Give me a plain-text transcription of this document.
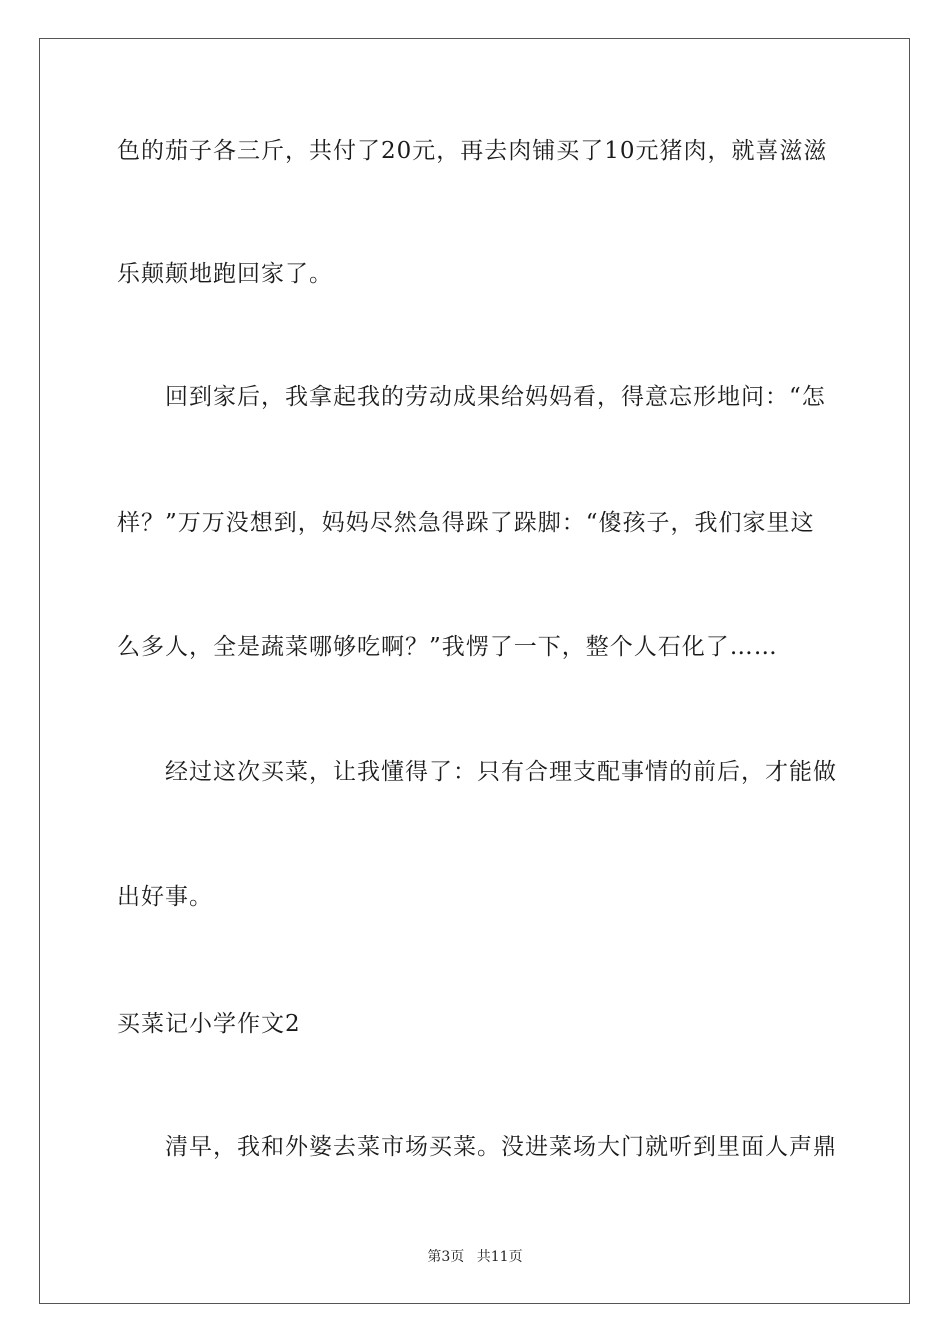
色的茄子各三斤，共付了20元，再去肉铺买了10元猪肉，就喜滋滋
乐颠颠地跑回家了。
回到家后，我拿起我的劳动成果给妈妈看，得意忘形地问：“怎
样？”万万没想到，妈妈尽然急得跺了跺脚：“傻孩子，我们家里这
么多人，全是蔬菜哪够吃啊？”我愣了一下，整个人石化了……
经过这次买菜，让我懂得了：只有合理支配事情的前后，才能做
出好事。
买菜记小学作文2
清早，我和外婆去菜市场买菜。没进菜场大门就听到里面人声鼎
第3页 共11页
